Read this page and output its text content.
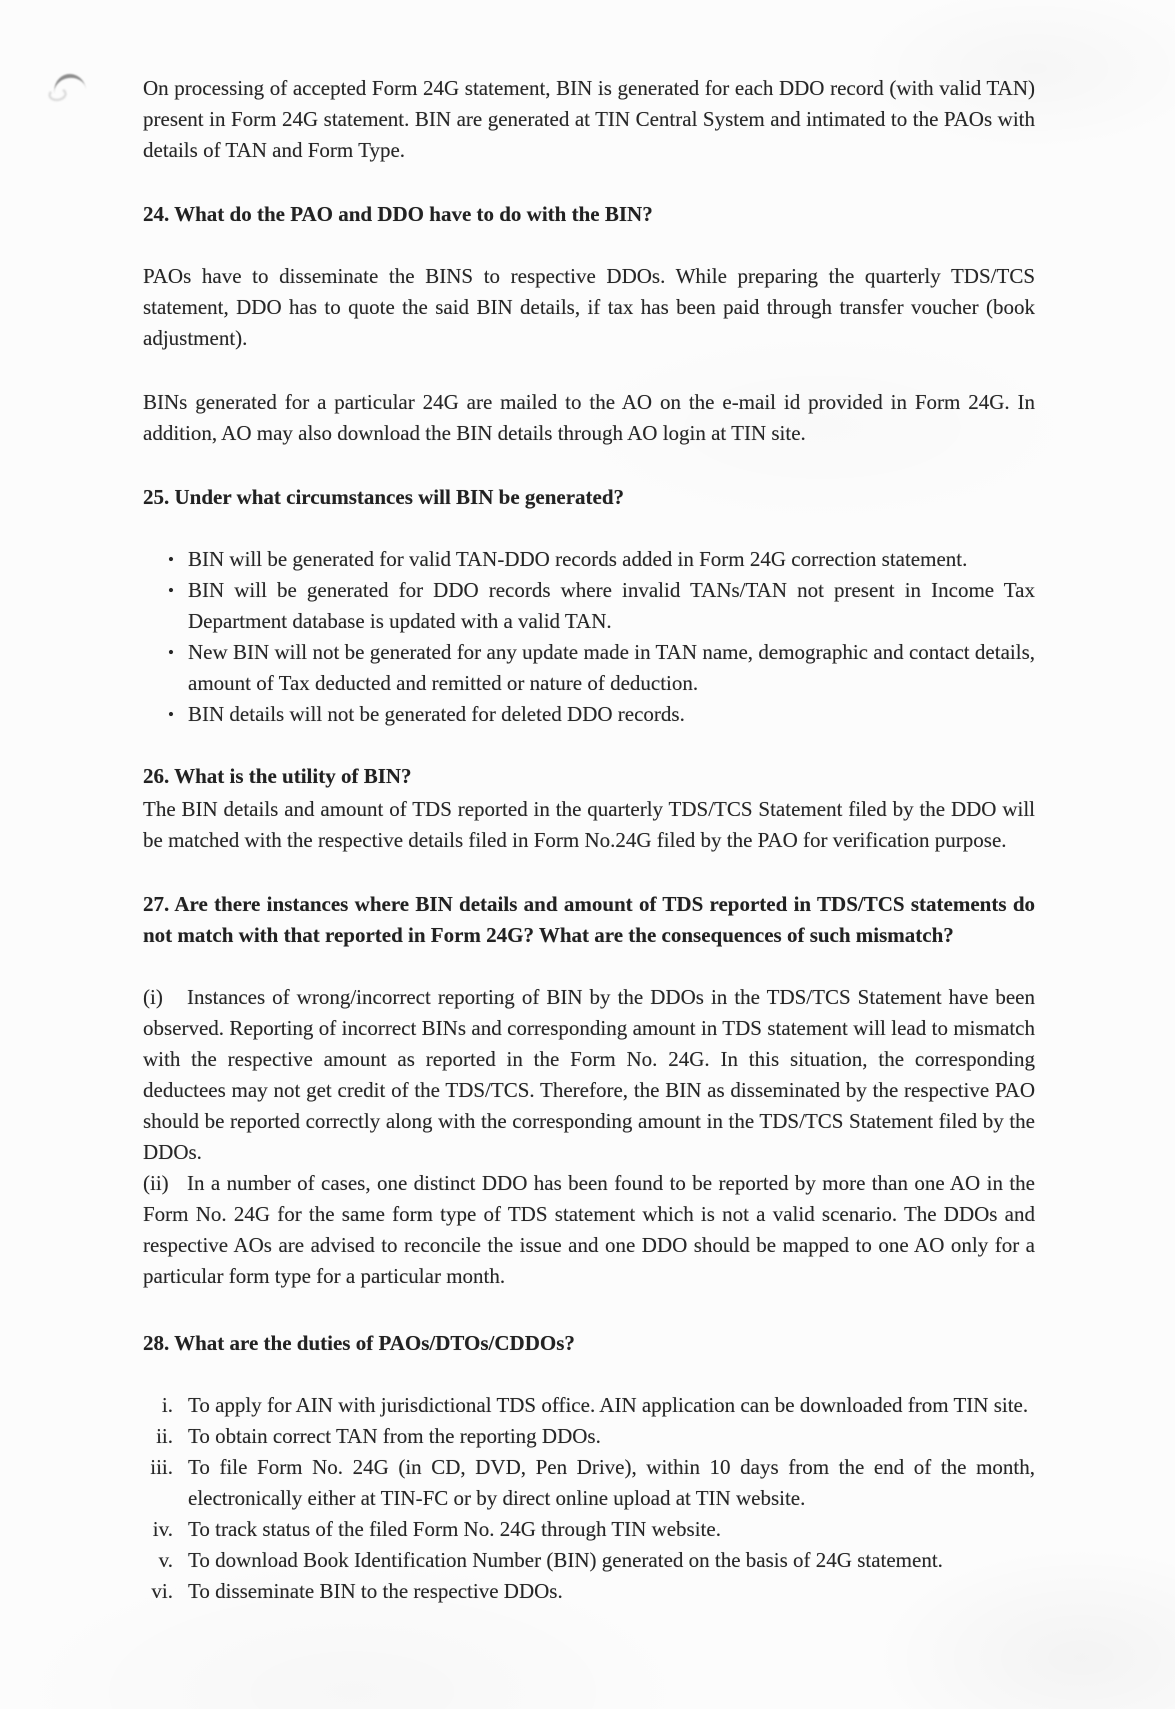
On processing of accepted Form 24G statement, BIN is generated for each DDO record (with valid TAN) present in Form 24G statement. BIN are generated at TIN Central System and intimated to the PAOs with details of TAN and Form Type.

24. What do the PAO and DDO have to do with the BIN?

PAOs have to disseminate the BINS to respective DDOs. While preparing the quarterly TDS/TCS statement, DDO has to quote the said BIN details, if tax has been paid through transfer voucher (book adjustment).

BINs generated for a particular 24G are mailed to the AO on the e-mail id provided in Form 24G. In addition, AO may also download the BIN details through AO login at TIN site.

25. Under what circumstances will BIN be generated?
• BIN will be generated for valid TAN-DDO records added in Form 24G correction statement.
• BIN will be generated for DDO records where invalid TANs/TAN not present in Income Tax Department database is updated with a valid TAN.
• New BIN will not be generated for any update made in TAN name, demographic and contact details, amount of Tax deducted and remitted or nature of deduction.
• BIN details will not be generated for deleted DDO records.
26. What is the utility of BIN?

The BIN details and amount of TDS reported in the quarterly TDS/TCS Statement filed by the DDO will be matched with the respective details filed in Form No.24G filed by the PAO for verification purpose.

27. Are there instances where BIN details and amount of TDS reported in TDS/TCS statements do not match with that reported in Form 24G? What are the consequences of such mismatch?

(i) Instances of wrong/incorrect reporting of BIN by the DDOs in the TDS/TCS Statement have been observed. Reporting of incorrect BINs and corresponding amount in TDS statement will lead to mismatch with the respective amount as reported in the Form No. 24G. In this situation, the corresponding deductees may not get credit of the TDS/TCS. Therefore, the BIN as disseminated by the respective PAO should be reported correctly along with the corresponding amount in the TDS/TCS Statement filed by the DDOs.

(ii) In a number of cases, one distinct DDO has been found to be reported by more than one AO in the Form No. 24G for the same form type of TDS statement which is not a valid scenario. The DDOs and respective AOs are advised to reconcile the issue and one DDO should be mapped to one AO only for a particular form type for a particular month.

28. What are the duties of PAOs/DTOs/CDDOs?
i. To apply for AIN with jurisdictional TDS office. AIN application can be downloaded from TIN site.
ii. To obtain correct TAN from the reporting DDOs.
iii. To file Form No. 24G (in CD, DVD, Pen Drive), within 10 days from the end of the month, electronically either at TIN-FC or by direct online upload at TIN website.
iv. To track status of the filed Form No. 24G through TIN website.
v. To download Book Identification Number (BIN) generated on the basis of 24G statement.
vi. To disseminate BIN to the respective DDOs.
